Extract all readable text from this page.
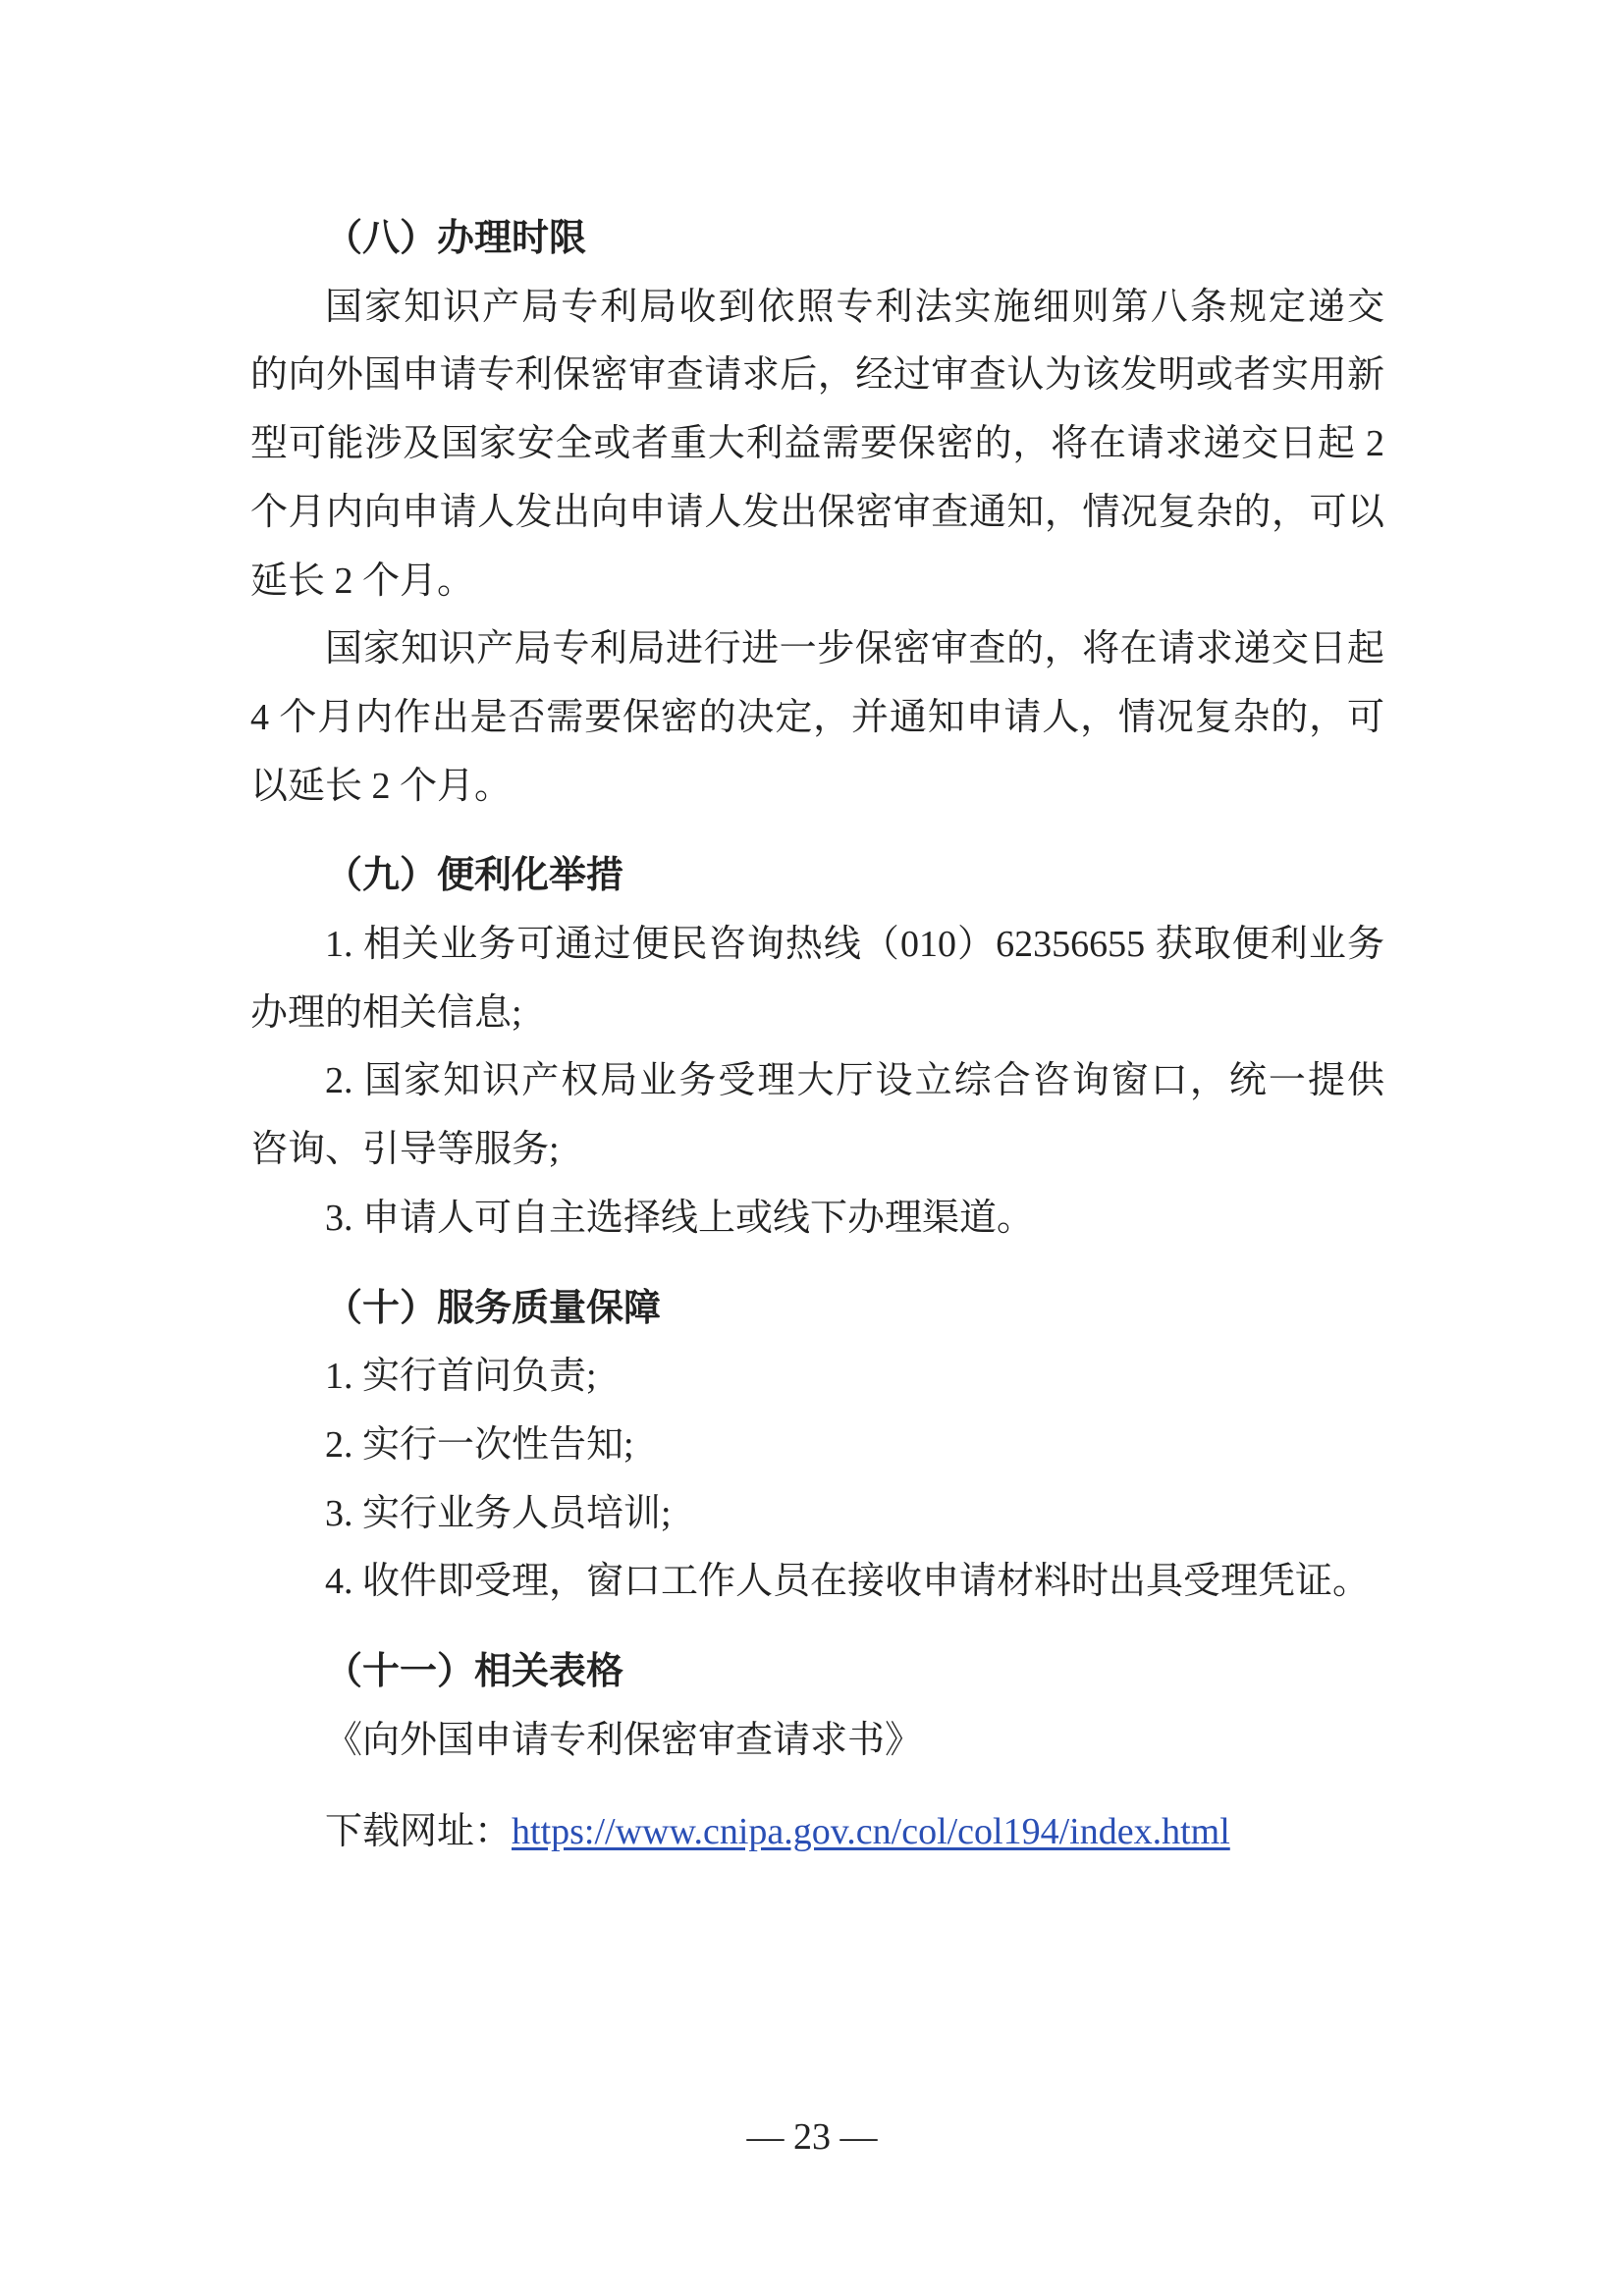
（八）办理时限
国家知识产局专利局收到依照专利法实施细则第八条规定递交
的向外国申请专利保密审查请求后，经过审查认为该发明或者实用新
型可能涉及国家安全或者重大利益需要保密的，将在请求递交日起 2
个月内向申请人发出向申请人发出保密审查通知，情况复杂的，可以
延长 2 个月。
国家知识产局专利局进行进一步保密审查的，将在请求递交日起
4 个月内作出是否需要保密的决定，并通知申请人，情况复杂的，可
以延长 2 个月。
（九）便利化举措
1. 相关业务可通过便民咨询热线（010）62356655 获取便利业务
办理的相关信息;
2. 国家知识产权局业务受理大厅设立综合咨询窗口，统一提供
咨询、引导等服务;
3. 申请人可自主选择线上或线下办理渠道。
（十）服务质量保障
1. 实行首问负责;
2. 实行一次性告知;
3. 实行业务人员培训;
4. 收件即受理，窗口工作人员在接收申请材料时出具受理凭证。
（十一）相关表格
《向外国申请专利保密审查请求书》
下载网址：https://www.cnipa.gov.cn/col/col194/index.html
— 23 —
